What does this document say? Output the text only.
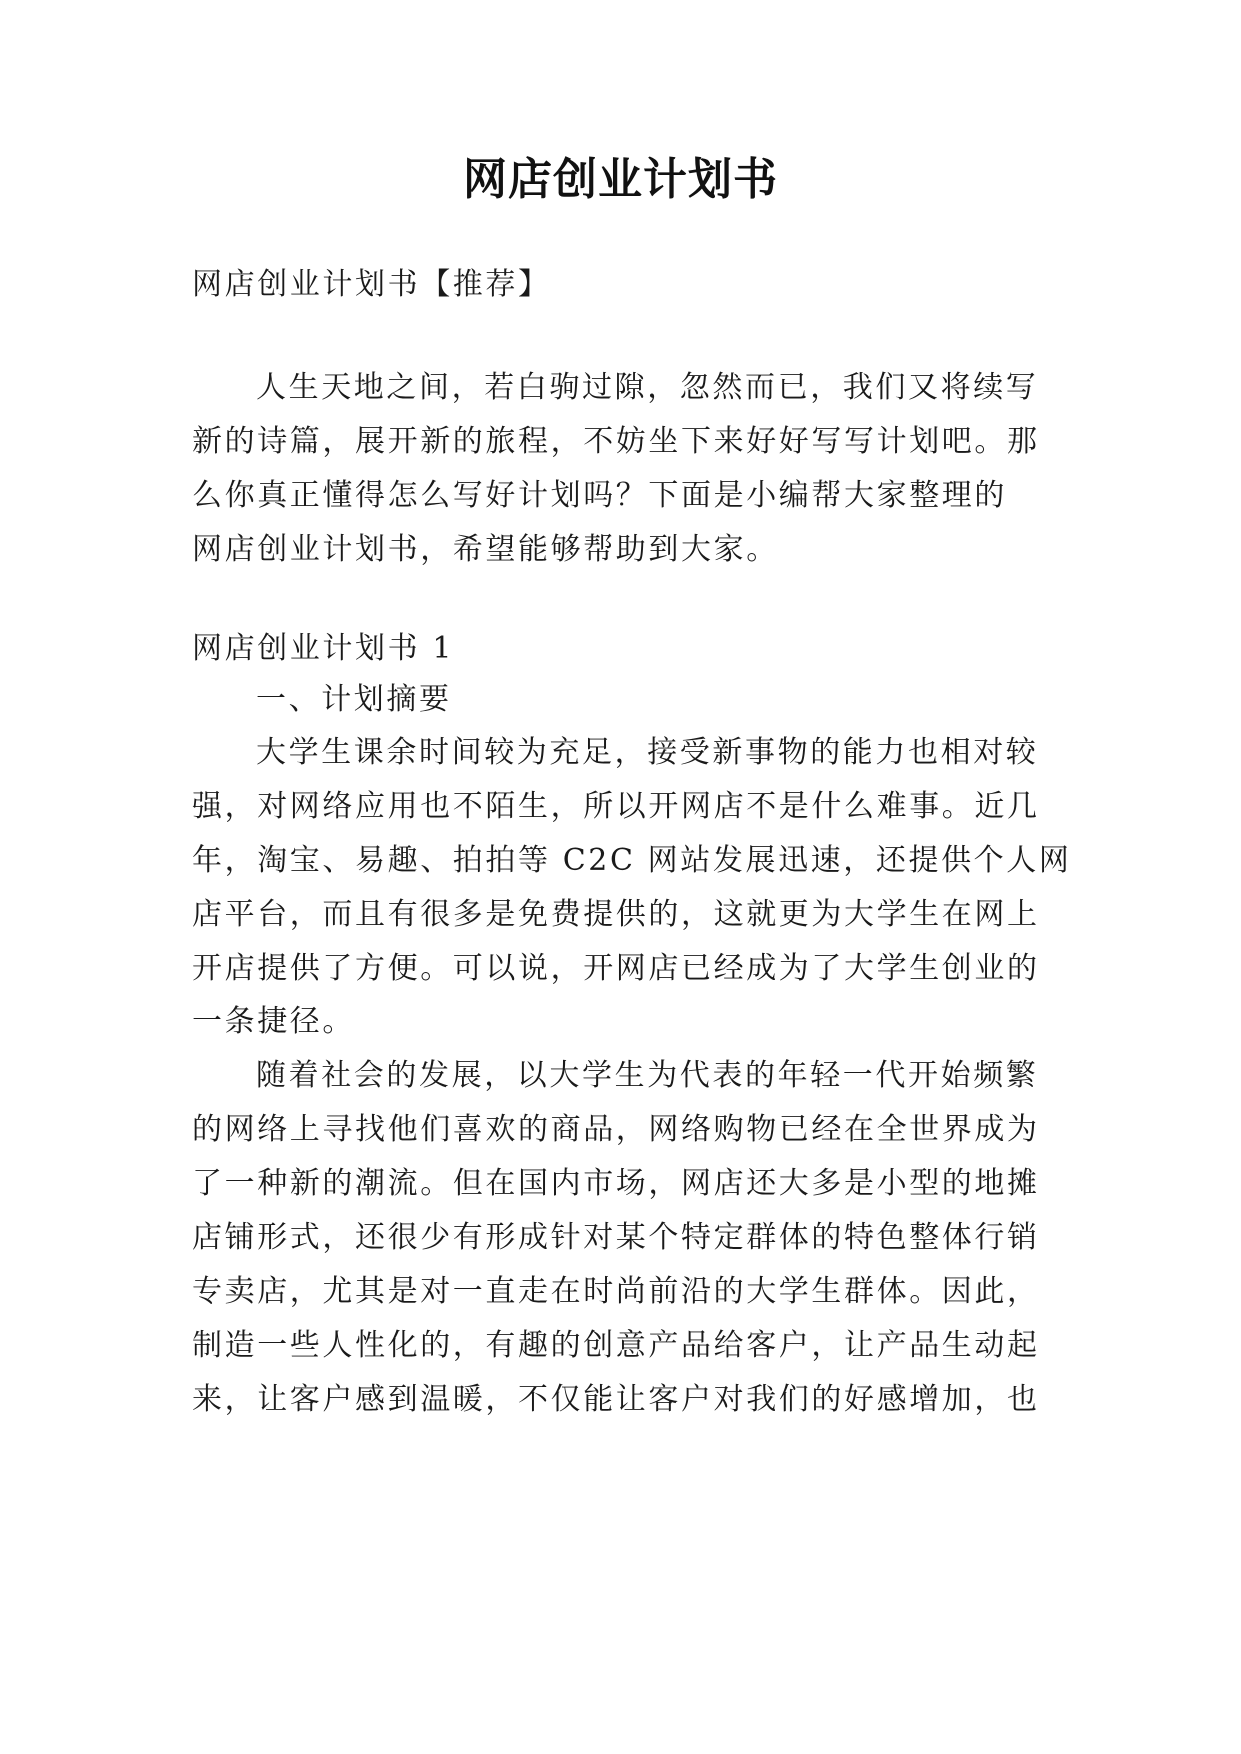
网店创业计划书
网店创业计划书【推荐】
人生天地之间，若白驹过隙，忽然而已，我们又将续写
新的诗篇，展开新的旅程，不妨坐下来好好写写计划吧。那
么你真正懂得怎么写好计划吗？下面是小编帮大家整理的
网店创业计划书，希望能够帮助到大家。
网店创业计划书 1
一、计划摘要
大学生课余时间较为充足，接受新事物的能力也相对较
强，对网络应用也不陌生，所以开网店不是什么难事。近几
年，淘宝、易趣、拍拍等 C2C 网站发展迅速，还提供个人网
店平台，而且有很多是免费提供的，这就更为大学生在网上
开店提供了方便。可以说，开网店已经成为了大学生创业的
一条捷径。
随着社会的发展，以大学生为代表的年轻一代开始频繁
的网络上寻找他们喜欢的商品，网络购物已经在全世界成为
了一种新的潮流。但在国内市场，网店还大多是小型的地摊
店铺形式，还很少有形成针对某个特定群体的特色整体行销
专卖店，尤其是对一直走在时尚前沿的大学生群体。因此，
制造一些人性化的，有趣的创意产品给客户，让产品生动起
来，让客户感到温暖，不仅能让客户对我们的好感增加，也
